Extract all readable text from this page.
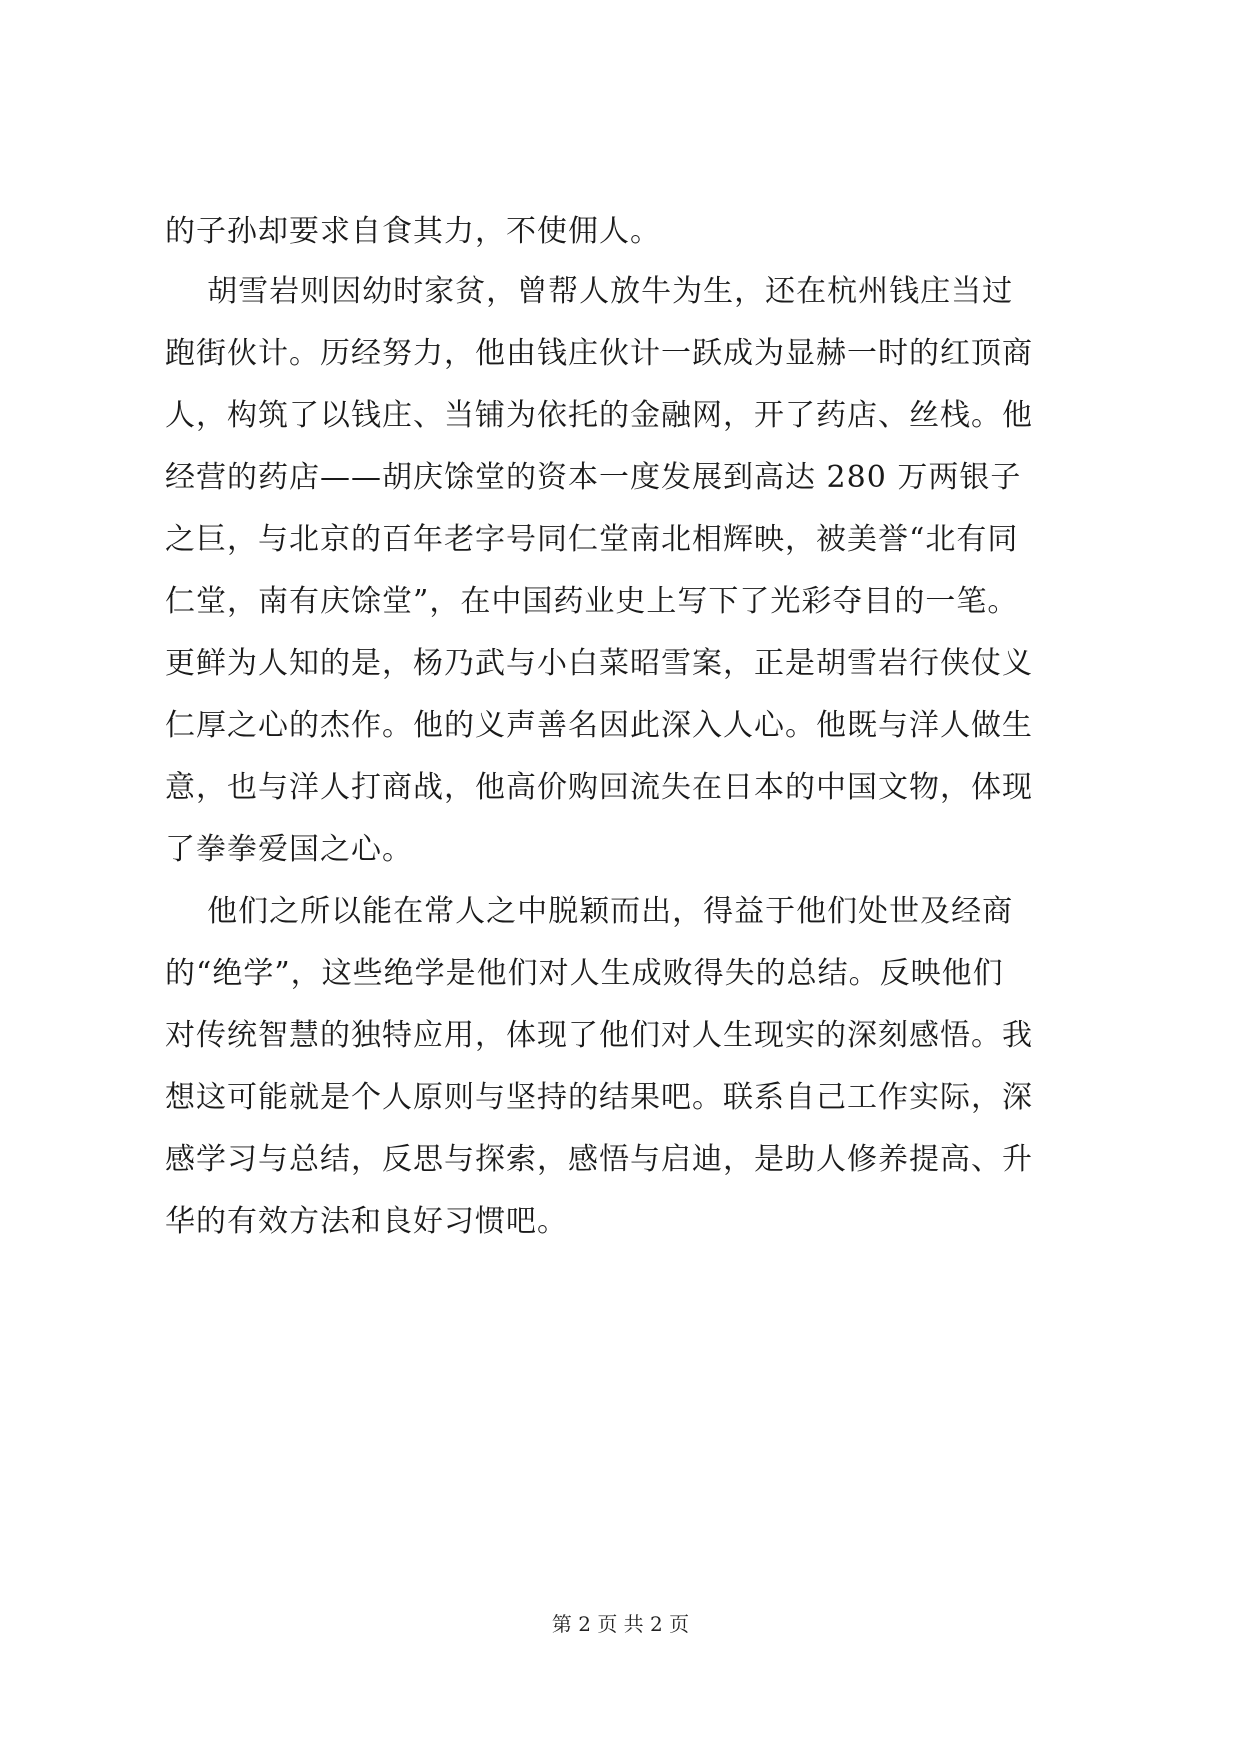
的子孙却要求自食其力，不使佣人。
胡雪岩则因幼时家贫，曾帮人放牛为生，还在杭州钱庄当过
跑街伙计。历经努力，他由钱庄伙计一跃成为显赫一时的红顶商
人，构筑了以钱庄、当铺为依托的金融网，开了药店、丝栈。他
经营的药店——胡庆馀堂的资本一度发展到高达 280 万两银子
之巨，与北京的百年老字号同仁堂南北相辉映，被美誉“北有同
仁堂，南有庆馀堂”，在中国药业史上写下了光彩夺目的一笔。
更鲜为人知的是，杨乃武与小白菜昭雪案，正是胡雪岩行侠仗义
仁厚之心的杰作。他的义声善名因此深入人心。他既与洋人做生
意，也与洋人打商战，他高价购回流失在日本的中国文物，体现
了拳拳爱国之心。
他们之所以能在常人之中脱颖而出，得益于他们处世及经商
的“绝学”，这些绝学是他们对人生成败得失的总结。反映他们
对传统智慧的独特应用，体现了他们对人生现实的深刻感悟。我
想这可能就是个人原则与坚持的结果吧。联系自己工作实际，深
感学习与总结，反思与探索，感悟与启迪，是助人修养提高、升
华的有效方法和良好习惯吧。
第 2 页 共 2 页
